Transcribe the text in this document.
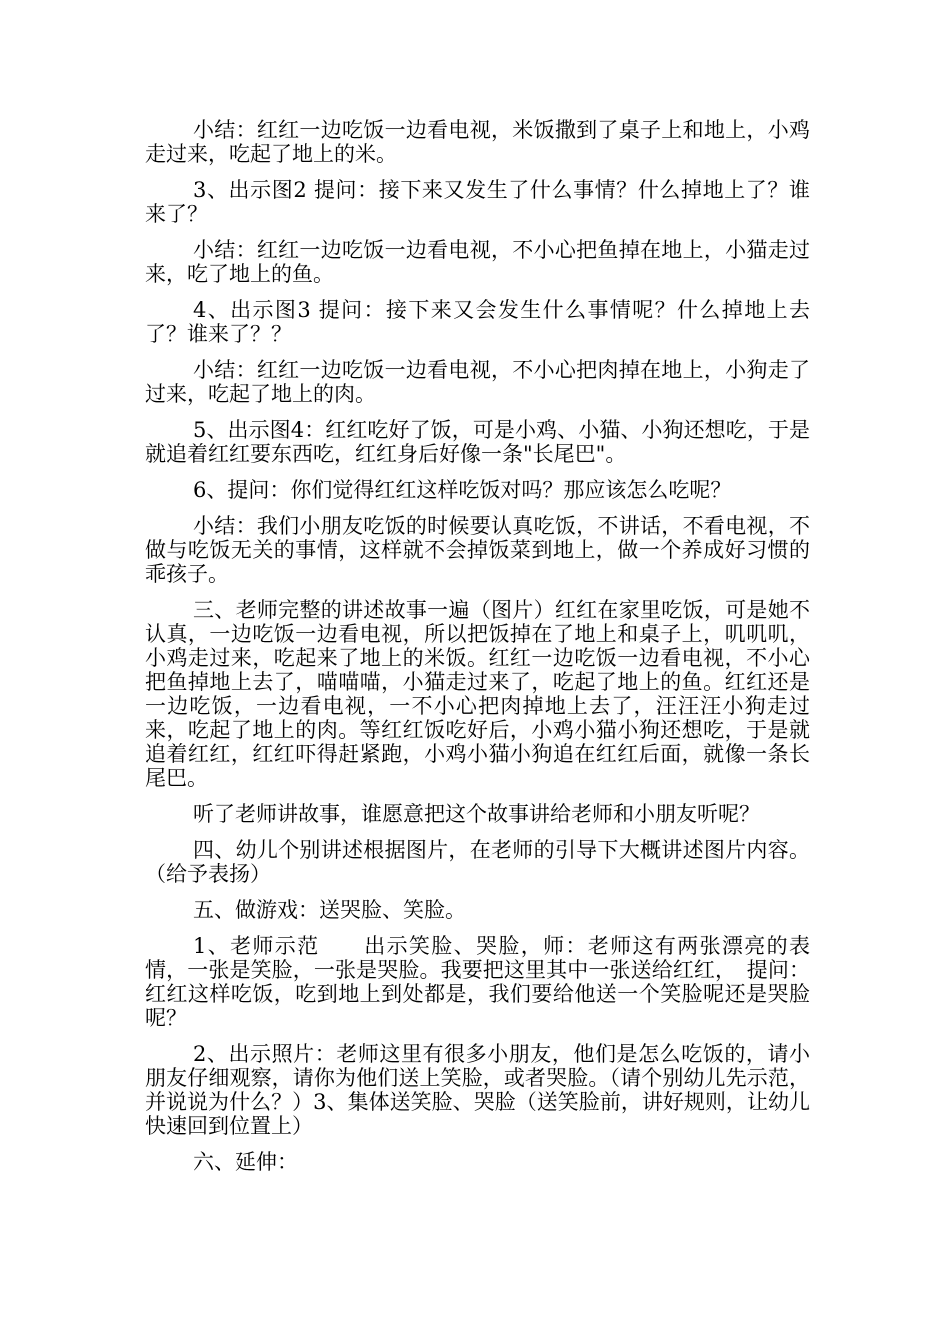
小结：红红一边吃饭一边看电视，米饭撒到了桌子上和地上，小鸡走过来，吃起了地上的米。

3、出示图2 提问：接下来又发生了什么事情？什么掉地上了？谁来了？

小结：红红一边吃饭一边看电视，不小心把鱼掉在地上，小猫走过来，吃了地上的鱼。

4、出示图3 提问：接下来又会发生什么事情呢？什么掉地上去了？谁来了？？

小结：红红一边吃饭一边看电视，不小心把肉掉在地上，小狗走了过来，吃起了地上的肉。

5、出示图4：红红吃好了饭，可是小鸡、小猫、小狗还想吃，于是就追着红红要东西吃，红红身后好像一条"长尾巴"。

6、提问：你们觉得红红这样吃饭对吗？那应该怎么吃呢？

小结：我们小朋友吃饭的时候要认真吃饭，不讲话，不看电视，不做与吃饭无关的事情，这样就不会掉饭菜到地上，做一个养成好习惯的乖孩子。

三、老师完整的讲述故事一遍（图片）红红在家里吃饭，可是她不认真，一边吃饭一边看电视，所以把饭掉在了地上和桌子上，叽叽叽，小鸡走过来，吃起来了地上的米饭。红红一边吃饭一边看电视，不小心把鱼掉地上去了，喵喵喵，小猫走过来了，吃起了地上的鱼。红红还是一边吃饭，一边看电视，一不小心把肉掉地上去了，汪汪汪小狗走过来，吃起了地上的肉。等红红饭吃好后，小鸡小猫小狗还想吃，于是就追着红红，红红吓得赶紧跑，小鸡小猫小狗追在红红后面，就像一条长尾巴。

听了老师讲故事，谁愿意把这个故事讲给老师和小朋友听呢？

四、幼儿个别讲述根据图片，在老师的引导下大概讲述图片内容。（给予表扬）

五、做游戏：送哭脸、笑脸。

1、老师示范　　出示笑脸、哭脸，师：老师这有两张漂亮的表情，一张是笑脸，一张是哭脸。我要把这里其中一张送给红红，　提问：红红这样吃饭，吃到地上到处都是，我们要给他送一个笑脸呢还是哭脸呢？

2、出示照片：老师这里有很多小朋友，他们是怎么吃饭的，请小朋友仔细观察，请你为他们送上笑脸，或者哭脸。（请个别幼儿先示范，并说说为什么？）3、集体送笑脸、哭脸（送笑脸前，讲好规则，让幼儿快速回到位置上）

六、延伸：
